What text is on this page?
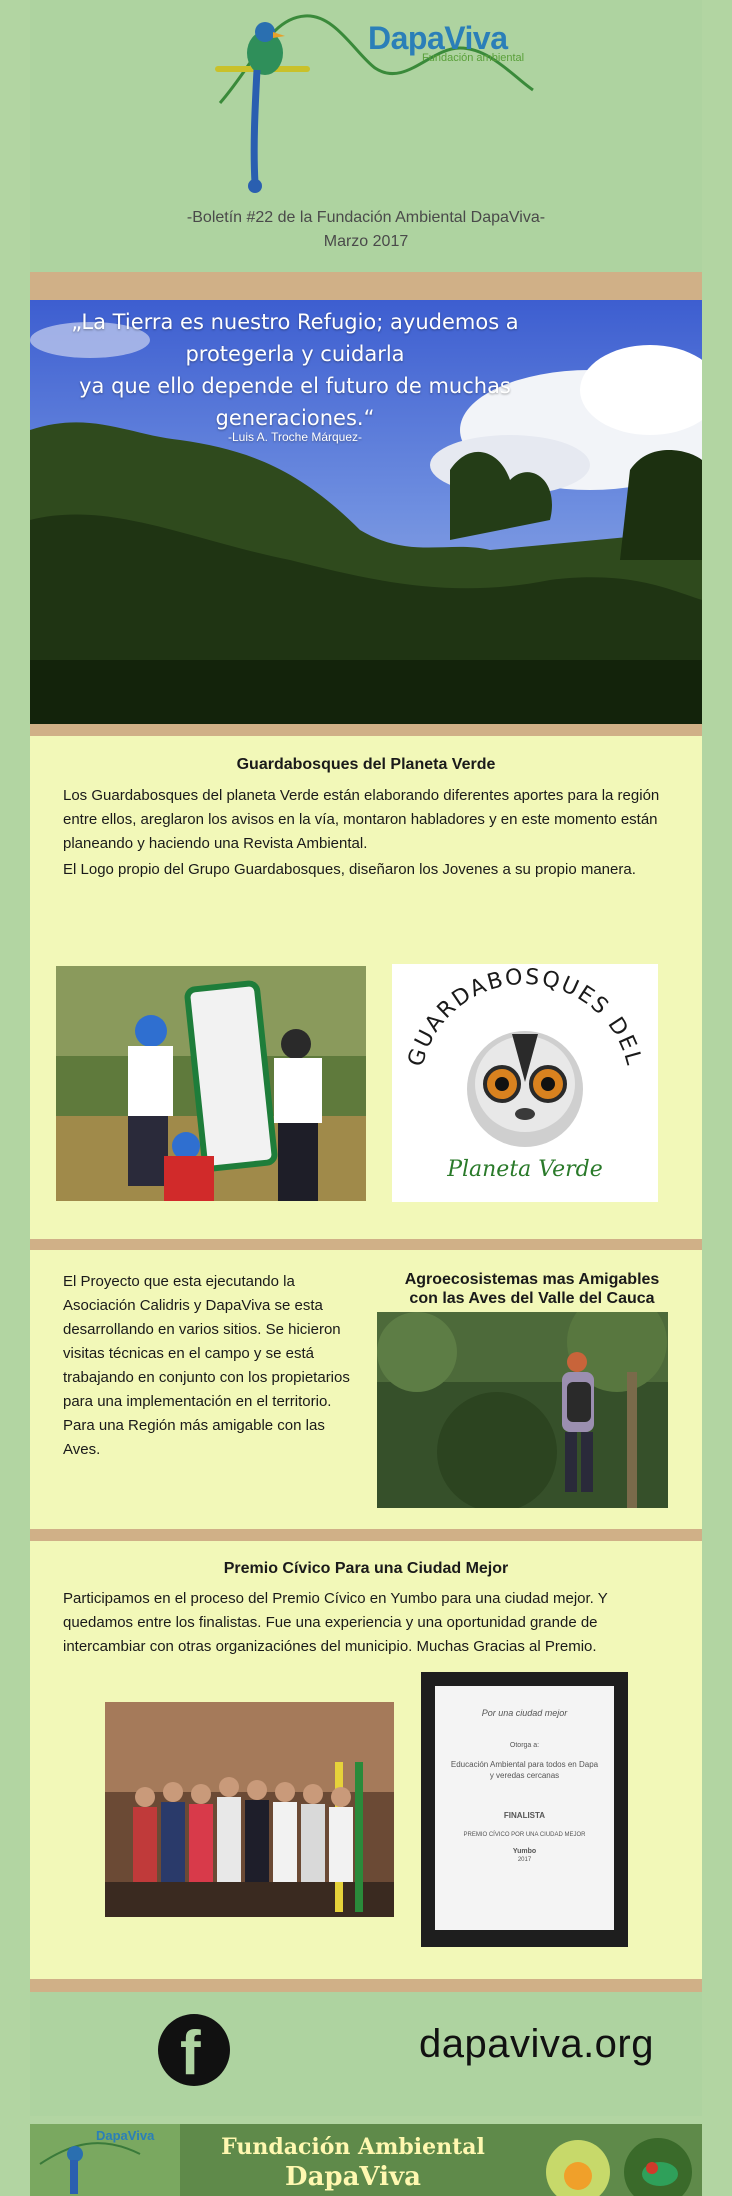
DapaViva
Fundación ambiental
-Boletín #22 de la Fundación Ambiental DapaViva-
Marzo 2017
„La Tierra es nuestro Refugio; ayudemos a
protegerla y cuidarla
ya que ello depende el futuro de muchas
generaciones.“
-Luis A. Troche Márquez-
Guardabosques del Planeta Verde
Los Guardabosques del planeta Verde están elaborando diferentes aportes para la región entre ellos, areglaron los avisos en la vía, montaron habladores y en este momento están planeando y haciendo una Revista Ambiental.
El Logo propio del Grupo Guardabosques, diseñaron los Jovenes a su propio manera.
GUARDABOSQUES DEL
Planeta Verde
El Proyecto que esta ejecutando la Asociación Calidris y DapaViva se esta desarrollando en varios sitios. Se hicieron visitas técnicas en el campo y se está trabajando en conjunto con los propietarios para una implementación en el territorio. Para una Región más amigable con las Aves.
Agroecosistemas mas Amigables
con las Aves del Valle del Cauca
Premio Cívico Para una Ciudad Mejor
Participamos en el proceso del Premio Cívico en Yumbo para una ciudad mejor. Y quedamos entre los finalistas. Fue una experiencia y una oportunidad grande de intercambiar con otras organizaciónes del municipio. Muchas Gracias al Premio.
Por una ciudad mejor
Otorga a:
Educación Ambiental para todos en Dapa y veredas cercanas
FINALISTA
PREMIO CÍVICO POR UNA CIUDAD MEJOR
Yumbo
2017
f	dapaviva.org
DapaViva	Fundación Ambiental
DapaViva
